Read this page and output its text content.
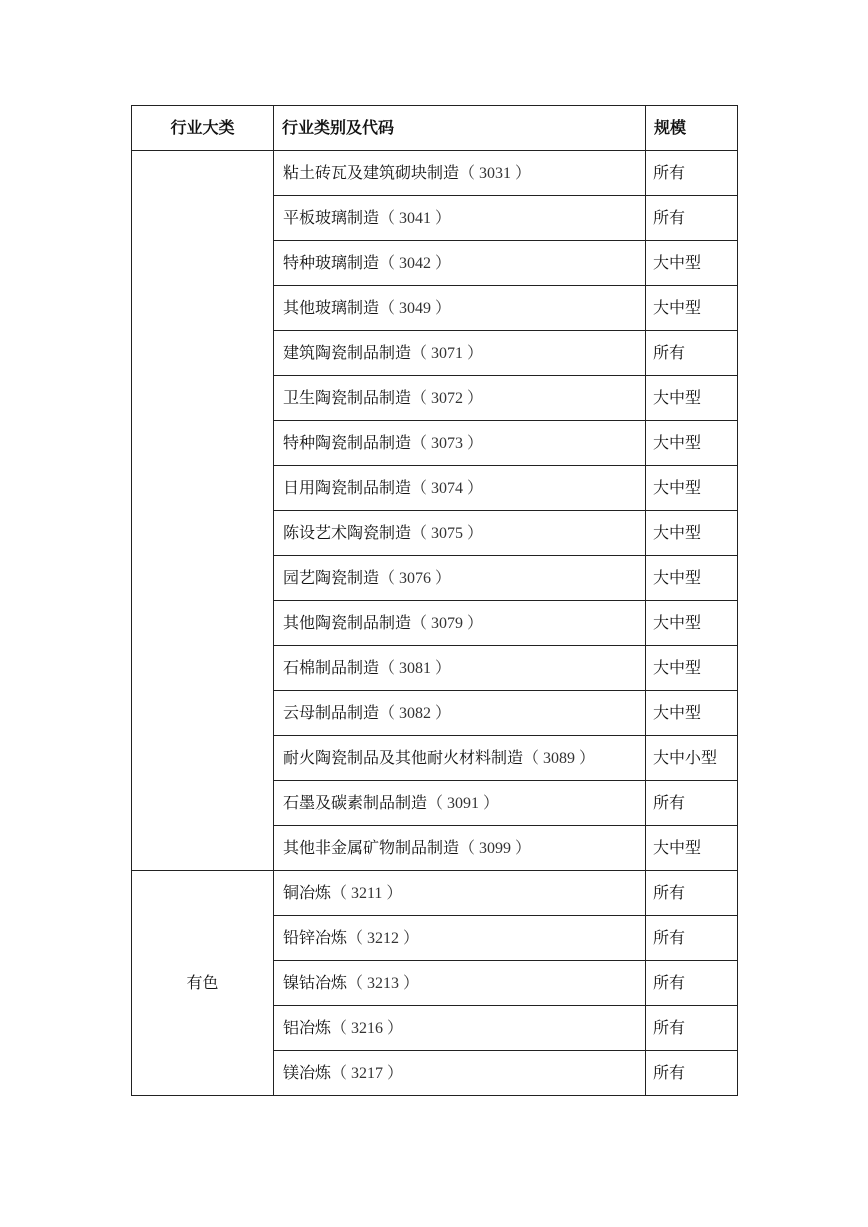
行业大类	行业类别及代码	规模
	粘土砖瓦及建筑砌块制造（ 3031 ）	所有
	平板玻璃制造（ 3041 ）	所有
	特种玻璃制造（ 3042 ）	大中型
	其他玻璃制造（ 3049 ）	大中型
	建筑陶瓷制品制造（ 3071 ）	所有
	卫生陶瓷制品制造（ 3072 ）	大中型
	特种陶瓷制品制造（ 3073 ）	大中型
	日用陶瓷制品制造（ 3074 ）	大中型
	陈设艺术陶瓷制造（ 3075 ）	大中型
	园艺陶瓷制造（ 3076 ）	大中型
	其他陶瓷制品制造（ 3079 ）	大中型
	石棉制品制造（ 3081 ）	大中型
	云母制品制造（ 3082 ）	大中型
	耐火陶瓷制品及其他耐火材料制造（ 3089 ）	大中小型
	石墨及碳素制品制造（ 3091 ）	所有
	其他非金属矿物制品制造（ 3099 ）	大中型
有色	铜冶炼（ 3211 ）	所有
	铅锌冶炼（ 3212 ）	所有
	镍钴冶炼（ 3213 ）	所有
	铝冶炼（ 3216 ）	所有
	镁冶炼（ 3217 ）	所有
